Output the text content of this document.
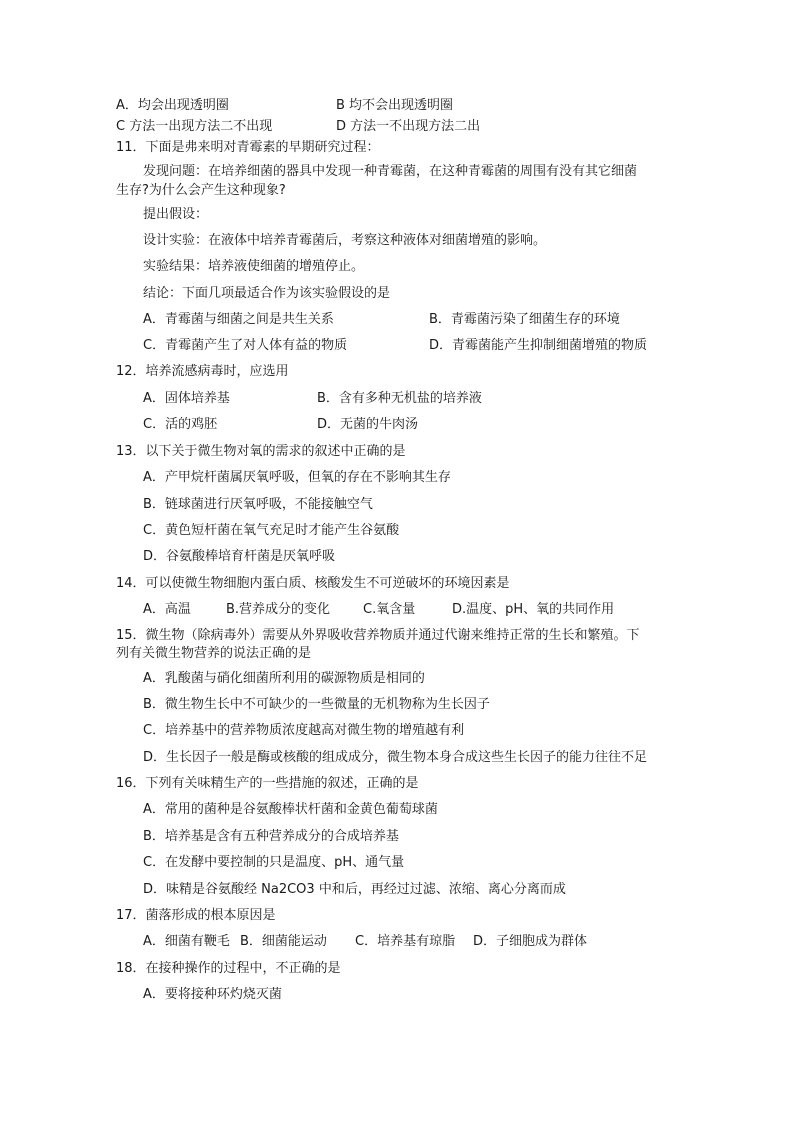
A．均会出现透明圈	B 均不会出现透明圈
C 方法一出现方法二不出现	D 方法一不出现方法二出
11．下面是弗来明对青霉素的早期研究过程：
发现问题：在培养细菌的器具中发现一种青霉菌，在这种青霉菌的周围有没有其它细菌
生存?为什么会产生这种现象?
提出假设：
设计实验：在液体中培养青霉菌后，考察这种液体对细菌增殖的影响。
实验结果：培养液使细菌的增殖停止。
结论：下面几项最适合作为该实验假设的是
A．青霉菌与细菌之间是共生关系	B．青霉菌污染了细菌生存的环境
C．青霉菌产生了对人体有益的物质	D．青霉菌能产生抑制细菌增殖的物质
12．培养流感病毒时，应选用
A．固体培养基	B．含有多种无机盐的培养液
C．活的鸡胚	D．无菌的牛肉汤
13．以下关于微生物对氧的需求的叙述中正确的是
A．产甲烷杆菌属厌氧呼吸，但氧的存在不影响其生存
B．链球菌进行厌氧呼吸，不能接触空气
C．黄色短杆菌在氧气充足时才能产生谷氨酸
D．谷氨酸棒培育杆菌是厌氧呼吸
14．可以使微生物细胞内蛋白质、核酸发生不可逆破坏的环境因素是
A．高温	B.营养成分的变化	C.氧含量	D.温度、pH、氧的共同作用
15．微生物（除病毒外）需要从外界吸收营养物质并通过代谢来维持正常的生长和繁殖。下
列有关微生物营养的说法正确的是
A．乳酸菌与硝化细菌所利用的碳源物质是相同的
B．微生物生长中不可缺少的一些微量的无机物称为生长因子
C．培养基中的营养物质浓度越高对微生物的增殖越有利
D．生长因子一般是酶或核酸的组成成分，微生物本身合成这些生长因子的能力往往不足
16．下列有关味精生产的一些措施的叙述，正确的是
A．常用的菌种是谷氨酸棒状杆菌和金黄色葡萄球菌
B．培养基是含有五种营养成分的合成培养基
C．在发酵中要控制的只是温度、pH、通气量
D．味精是谷氨酸经 Na2CO3 中和后，再经过过滤、浓缩、离心分离而成
17．菌落形成的根本原因是
A．细菌有鞭毛 B．细菌能运动 C．培养基有琼脂 D．子细胞成为群体
18．在接种操作的过程中，不正确的是
A．要将接种环灼烧灭菌
